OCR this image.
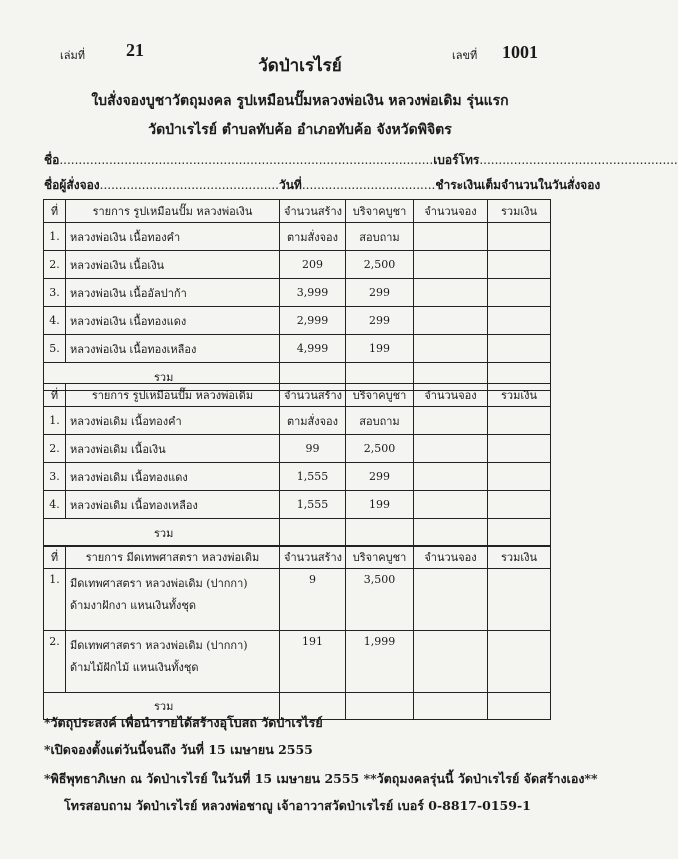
เล่มที่ 21
วัดป่าเรไรย์
เลขที่ 1001
ใบสั่งจองบูชาวัตถุมงคล รูปเหมือนปั๊มหลวงพ่อเงิน หลวงพ่อเดิม รุ่นแรก
วัดป่าเรไรย์ ตำบลทับค้อ อำเภอทับค้อ จังหวัดพิจิตร
ชื่อ..................................................................................................เบอร์โทร....................................................
ชื่อผู้สั่งจอง...............................................วันที่...................................ชำระเงินเต็มจำนวนในวันสั่งจอง
ที่	รายการ รูปเหมือนปั๊ม หลวงพ่อเงิน	จำนวนสร้าง	บริจาคบูชา	จำนวนจอง	รวมเงิน
1.	หลวงพ่อเงิน เนื้อทองคำ	ตามสั่งจอง	สอบถาม		
2.	หลวงพ่อเงิน เนื้อเงิน	209	2,500		
3.	หลวงพ่อเงิน เนื้ออัลปาก้า	3,999	299		
4.	หลวงพ่อเงิน เนื้อทองแดง	2,999	299		
5.	หลวงพ่อเงิน เนื้อทองเหลือง	4,999	199		
รวม					
ที่	รายการ รูปเหมือนปั๊ม หลวงพ่อเดิม	จำนวนสร้าง	บริจาคบูชา	จำนวนจอง	รวมเงิน
1.	หลวงพ่อเดิม เนื้อทองคำ	ตามสั่งจอง	สอบถาม		
2.	หลวงพ่อเดิม เนื้อเงิน	99	2,500		
3.	หลวงพ่อเดิม เนื้อทองแดง	1,555	299		
4.	หลวงพ่อเดิม เนื้อทองเหลือง	1,555	199		
รวม					
ที่	รายการ มีดเทพศาสตรา หลวงพ่อเดิม	จำนวนสร้าง	บริจาคบูชา	จำนวนจอง	รวมเงิน
1.	มีดเทพศาสตรา หลวงพ่อเดิม (ปากกา)
ด้ามงาฝักงา แหนเงินทั้งชุด	9	3,500		
2.	มีดเทพศาสตรา หลวงพ่อเดิม (ปากกา)
ด้ามไม้ฝักไม้ แหนเงินทั้งชุด	191	1,999		
รวม					
*วัตถุประสงค์ เพื่อนำรายได้สร้างอุโบสถ วัดป่าเรไรย์
*เปิดจองตั้งแต่วันนี้จนถึง วันที่ 15 เมษายน 2555
*พิธีพุทธาภิเษก ณ วัดป่าเรไรย์ ในวันที่ 15 เมษายน 2555 **วัตถุมงคลรุ่นนี้ วัดป่าเรไรย์ จัดสร้างเอง**
โทรสอบถาม วัดป่าเรไรย์ หลวงพ่อชาญู เจ้าอาวาสวัดป่าเรไรย์ เบอร์ 0-8817-0159-1
